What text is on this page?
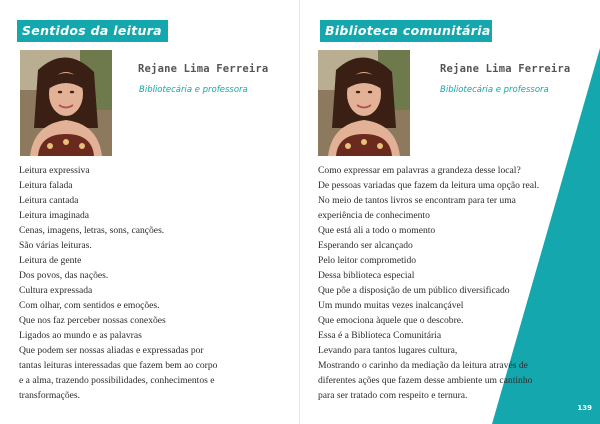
Sentidos da leitura
Rejane Lima Ferreira
Bibliotecária e professora
Leitura expressiva
Leitura falada
Leitura cantada
Leitura imaginada
Cenas, imagens, letras, sons, canções.
São várias leituras.
Leitura de gente
Dos povos, das nações.
Cultura expressada
Com olhar, com sentidos e emoções.
Que nos faz perceber nossas conexões
Ligados ao mundo e as palavras
Que podem ser nossas aliadas e expressadas por
tantas leituras interessadas que fazem bem ao corpo
e a alma, trazendo possibilidades, conhecimentos e
transformações.
Biblioteca comunitária
Rejane Lima Ferreira
Bibliotecária e professora
Como expressar em palavras a grandeza desse local?
De pessoas variadas que fazem da leitura uma opção real.
No meio de tantos livros se encontram para ter uma
experiência de conhecimento
Que está ali a todo o momento
Esperando ser alcançado
Pelo leitor comprometido
Dessa biblioteca especial
Que põe a disposição de um público diversificado
Um mundo muitas vezes inalcançável
Que emociona àquele que o descobre.
Essa é a Biblioteca Comunitária
Levando para tantos lugares cultura,
Mostrando o carinho da mediação da leitura através de
diferentes ações que fazem desse ambiente um cantinho
para ser tratado com respeito e ternura.
139
